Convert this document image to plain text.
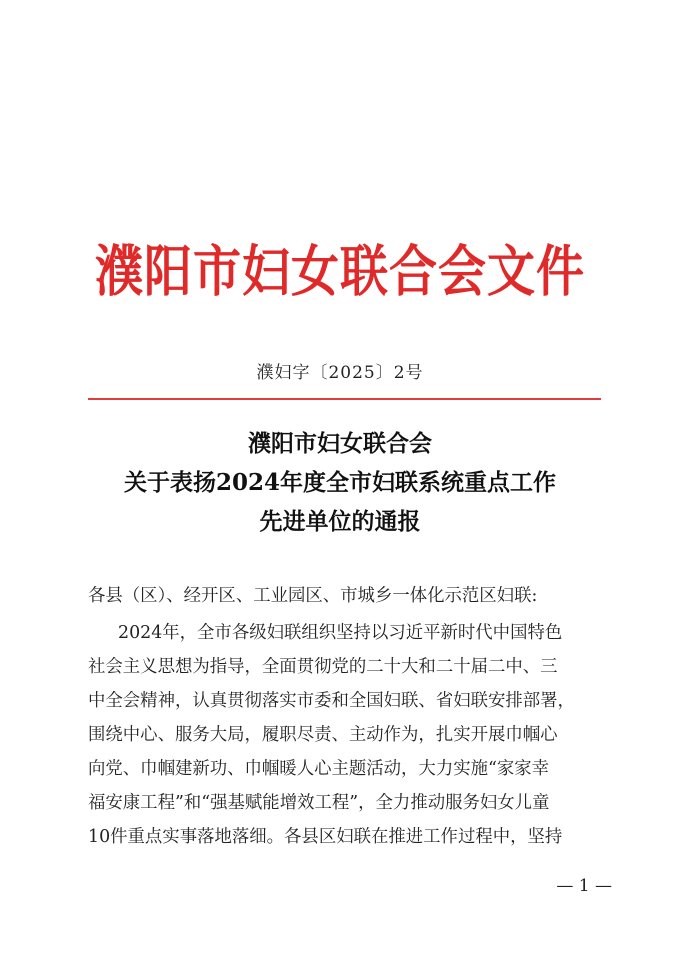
濮阳市妇女联合会文件
濮妇字〔2025〕2号
濮阳市妇女联合会
关于表扬2024年度全市妇联系统重点工作
先进单位的通报
各县（区）、经开区、工业园区、市城乡一体化示范区妇联:
2024年，全市各级妇联组织坚持以习近平新时代中国特色
社会主义思想为指导，全面贯彻党的二十大和二十届二中、三
中全会精神，认真贯彻落实市委和全国妇联、省妇联安排部署，
围绕中心、服务大局，履职尽责、主动作为，扎实开展巾帼心
向党、巾帼建新功、巾帼暖人心主题活动，大力实施“家家幸
福安康工程”和“强基赋能增效工程”，全力推动服务妇女儿童
10件重点实事落地落细。各县区妇联在推进工作过程中，坚持
— 1 —
